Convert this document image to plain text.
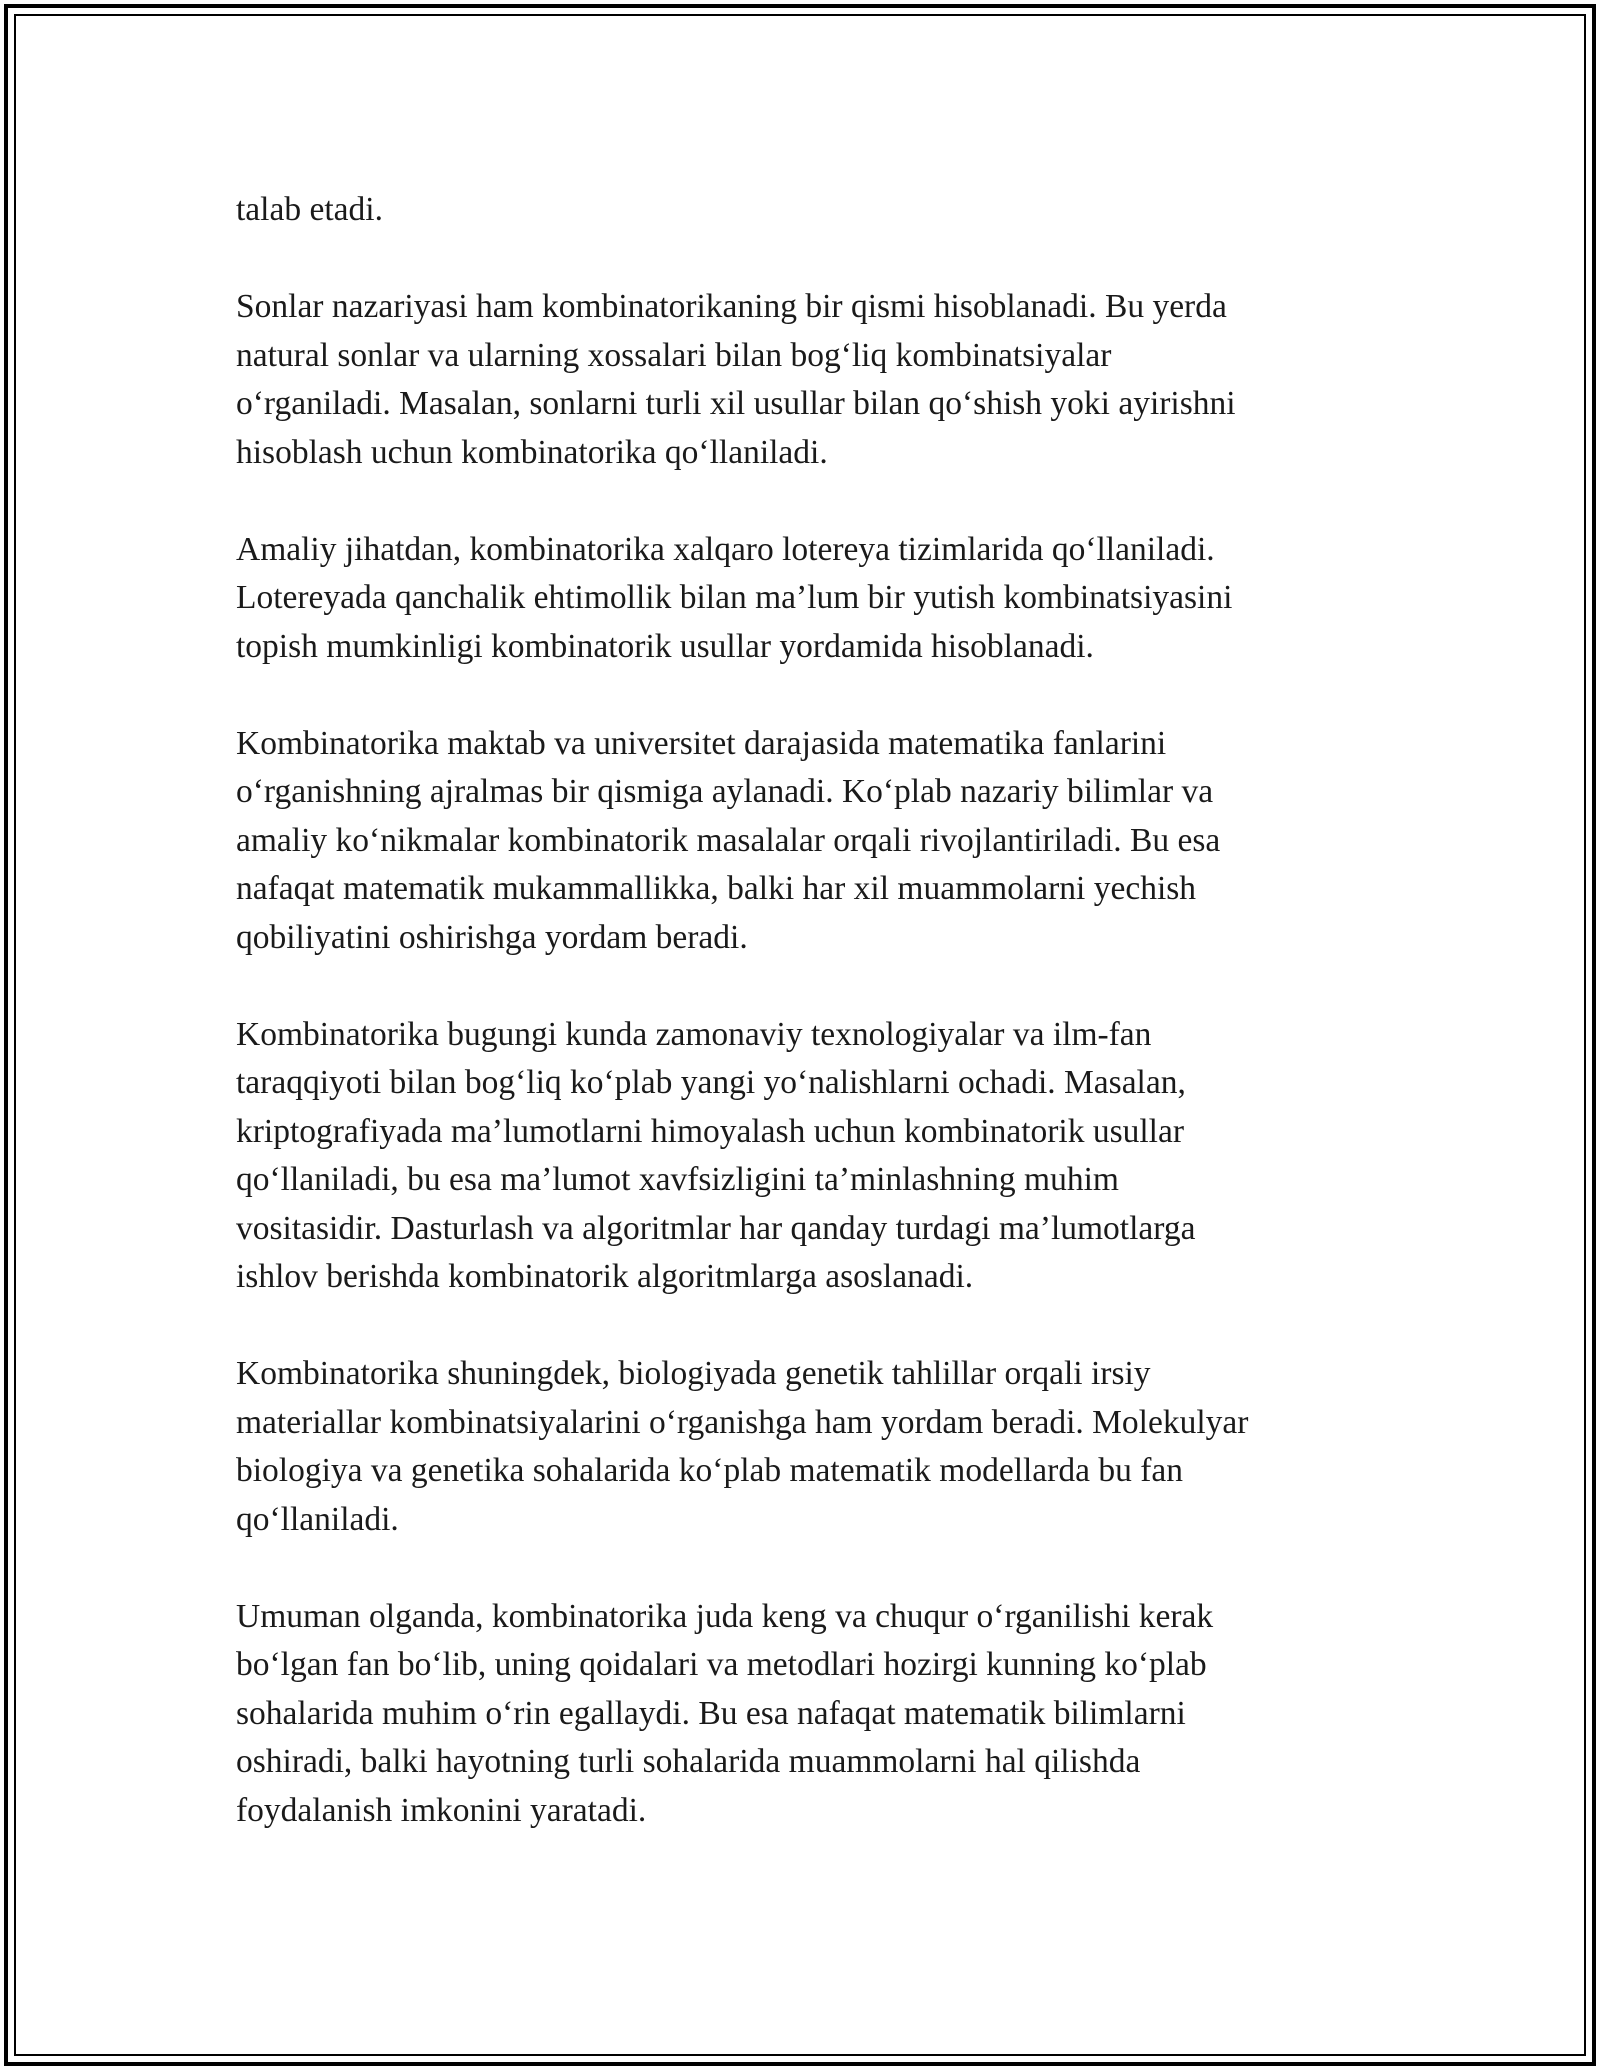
talab etadi.

Sonlar nazariyasi ham kombinatorikaning bir qismi hisoblanadi. Bu yerda
natural sonlar va ularning xossalari bilan bog‘liq kombinatsiyalar
o‘rganiladi. Masalan, sonlarni turli xil usullar bilan qo‘shish yoki ayirishni
hisoblash uchun kombinatorika qo‘llaniladi.

Amaliy jihatdan, kombinatorika xalqaro lotereya tizimlarida qo‘llaniladi.
Lotereyada qanchalik ehtimollik bilan ma’lum bir yutish kombinatsiyasini
topish mumkinligi kombinatorik usullar yordamida hisoblanadi.

Kombinatorika maktab va universitet darajasida matematika fanlarini
o‘rganishning ajralmas bir qismiga aylanadi. Ko‘plab nazariy bilimlar va
amaliy ko‘nikmalar kombinatorik masalalar orqali rivojlantiriladi. Bu esa
nafaqat matematik mukammallikka, balki har xil muammolarni yechish
qobiliyatini oshirishga yordam beradi.

Kombinatorika bugungi kunda zamonaviy texnologiyalar va ilm-fan
taraqqiyoti bilan bog‘liq ko‘plab yangi yo‘nalishlarni ochadi. Masalan,
kriptografiyada ma’lumotlarni himoyalash uchun kombinatorik usullar
qo‘llaniladi, bu esa ma’lumot xavfsizligini ta’minlashning muhim
vositasidir. Dasturlash va algoritmlar har qanday turdagi ma’lumotlarga
ishlov berishda kombinatorik algoritmlarga asoslanadi.

Kombinatorika shuningdek, biologiyada genetik tahlillar orqali irsiy
materiallar kombinatsiyalarini o‘rganishga ham yordam beradi. Molekulyar
biologiya va genetika sohalarida ko‘plab matematik modellarda bu fan
qo‘llaniladi.

Umuman olganda, kombinatorika juda keng va chuqur o‘rganilishi kerak
bo‘lgan fan bo‘lib, uning qoidalari va metodlari hozirgi kunning ko‘plab
sohalarida muhim o‘rin egallaydi. Bu esa nafaqat matematik bilimlarni
oshiradi, balki hayotning turli sohalarida muammolarni hal qilishda
foydalanish imkonini yaratadi.
